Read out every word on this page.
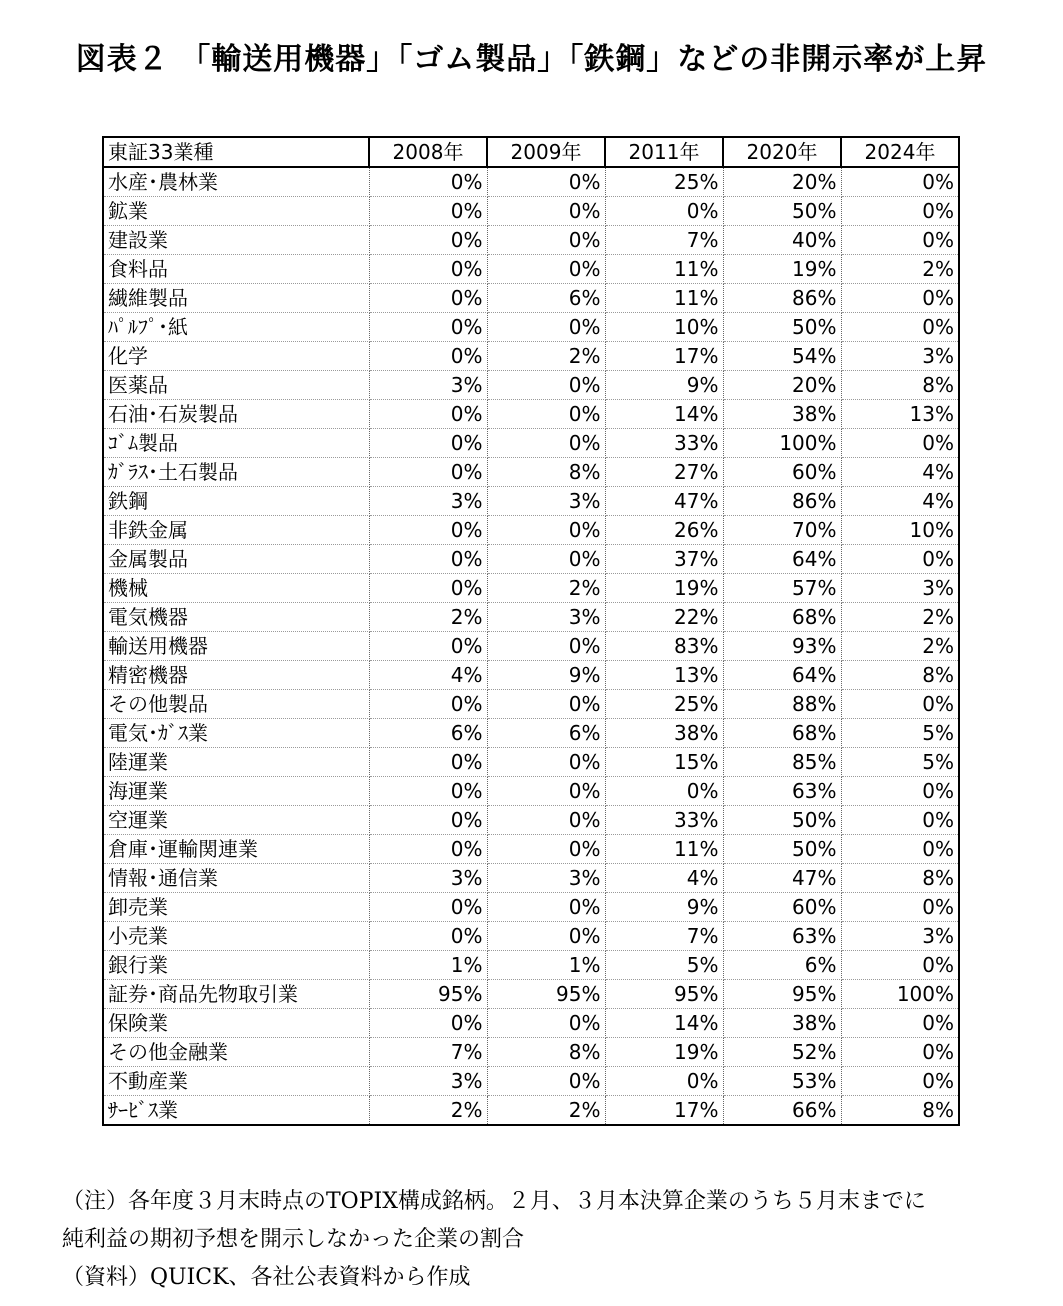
図表２ 「輸送用機器」「ゴム製品」「鉄鋼」などの非開示率が上昇
東証33業種	2008年	2009年	2011年	2020年	2024年
水産･農林業	0%	0%	25%	20%	0%
鉱業	0%	0%	0%	50%	0%
建設業	0%	0%	7%	40%	0%
食料品	0%	0%	11%	19%	2%
繊維製品	0%	6%	11%	86%	0%
ﾊﾟﾙﾌﾟ･紙	0%	0%	10%	50%	0%
化学	0%	2%	17%	54%	3%
医薬品	3%	0%	9%	20%	8%
石油･石炭製品	0%	0%	14%	38%	13%
ｺﾞﾑ製品	0%	0%	33%	100%	0%
ｶﾞﾗｽ･土石製品	0%	8%	27%	60%	4%
鉄鋼	3%	3%	47%	86%	4%
非鉄金属	0%	0%	26%	70%	10%
金属製品	0%	0%	37%	64%	0%
機械	0%	2%	19%	57%	3%
電気機器	2%	3%	22%	68%	2%
輸送用機器	0%	0%	83%	93%	2%
精密機器	4%	9%	13%	64%	8%
その他製品	0%	0%	25%	88%	0%
電気･ｶﾞｽ業	6%	6%	38%	68%	5%
陸運業	0%	0%	15%	85%	5%
海運業	0%	0%	0%	63%	0%
空運業	0%	0%	33%	50%	0%
倉庫･運輸関連業	0%	0%	11%	50%	0%
情報･通信業	3%	3%	4%	47%	8%
卸売業	0%	0%	9%	60%	0%
小売業	0%	0%	7%	63%	3%
銀行業	1%	1%	5%	6%	0%
証券･商品先物取引業	95%	95%	95%	95%	100%
保険業	0%	0%	14%	38%	0%
その他金融業	7%	8%	19%	52%	0%
不動産業	3%	0%	0%	53%	0%
ｻｰﾋﾞｽ業	2%	2%	17%	66%	8%
（注）各年度３月末時点のTOPIX構成銘柄。２月、３月本決算企業のうち５月末までに
純利益の期初予想を開示しなかった企業の割合
（資料）QUICK、各社公表資料から作成
